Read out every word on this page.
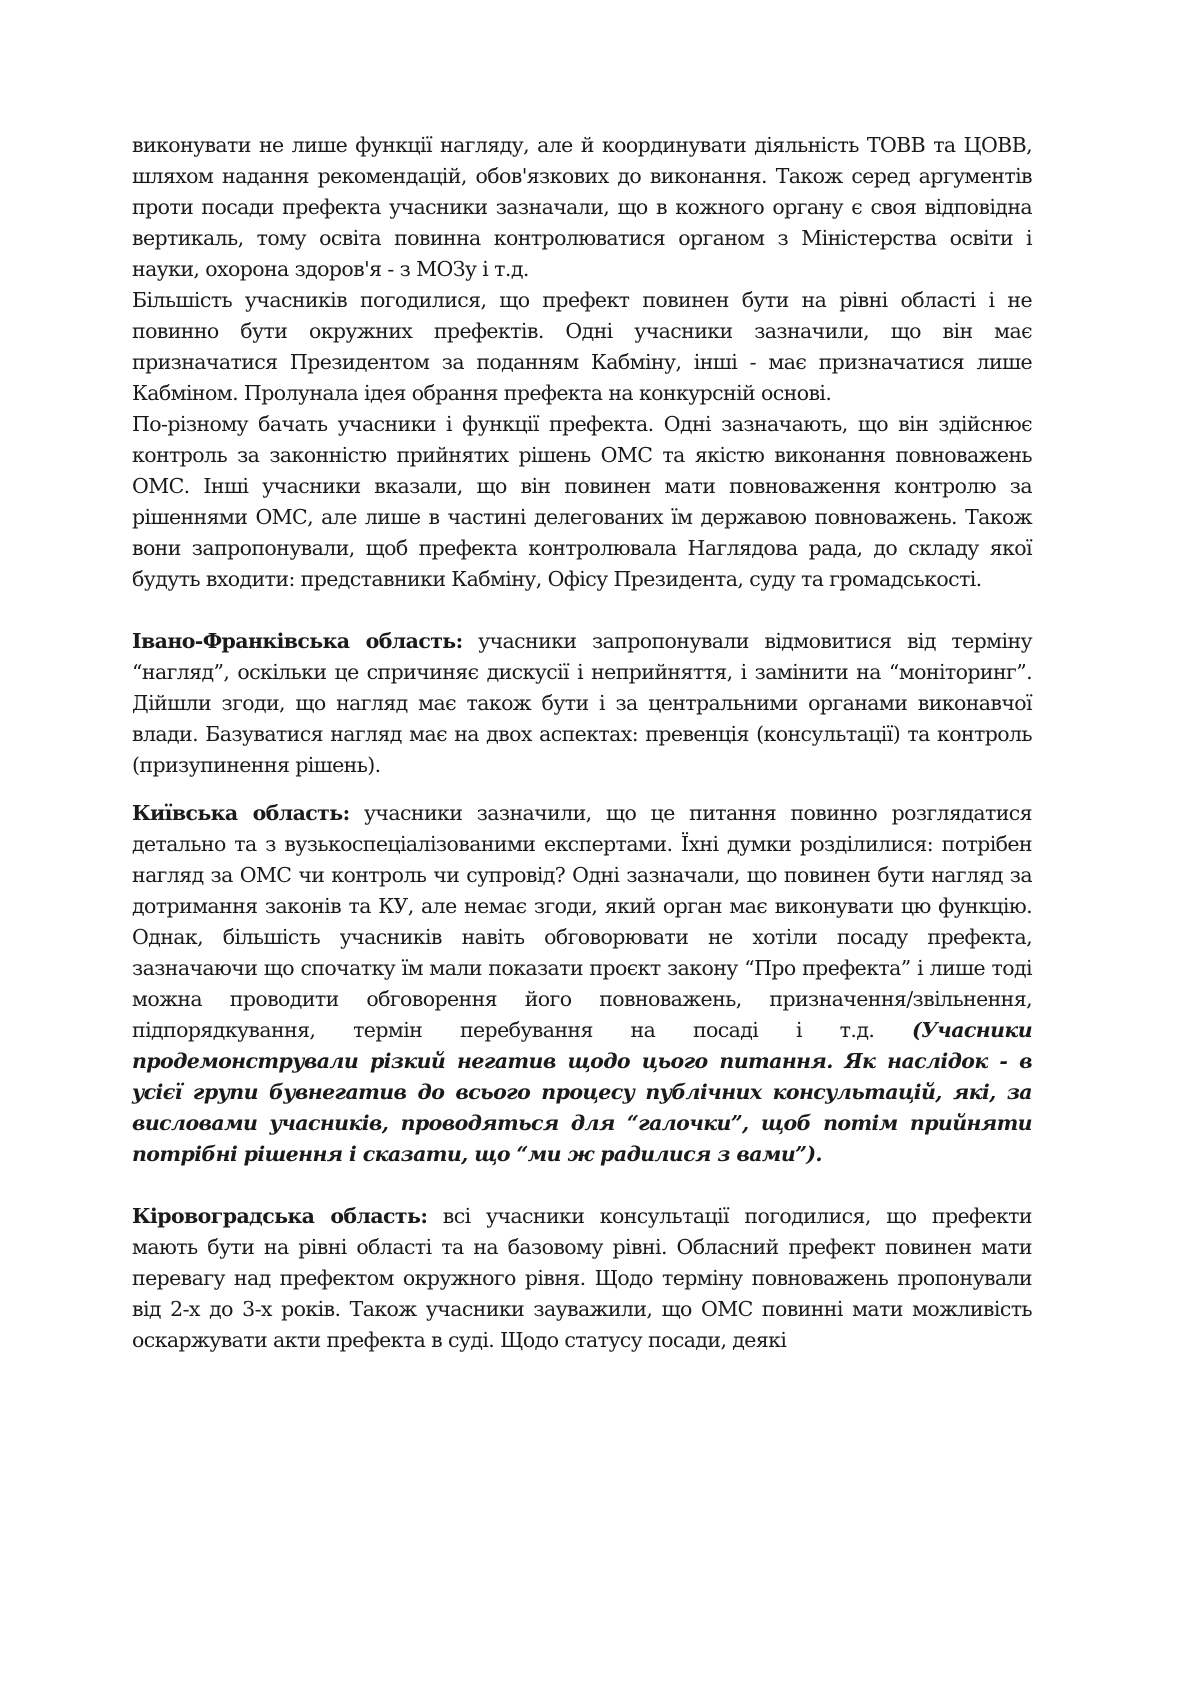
виконувати не лише функції нагляду, але й координувати діяльність ТОВВ та ЦОВВ, шляхом надання рекомендацій, обов'язкових до виконання. Також серед аргументів проти посади префекта учасники зазначали, що в кожного органу є своя відповідна вертикаль, тому освіта повинна контролюватися органом з Міністерства освіти і науки, охорона здоров'я - з МОЗу і т.д.

Більшість учасників погодилися, що префект повинен бути на рівні області і не повинно бути окружних префектів. Одні учасники зазначили, що він має призначатися Президентом за поданням Кабміну, інші - має призначатися лише Кабміном. Пролунала ідея обрання префекта на конкурсній основі.

По-різному бачать учасники і функції префекта. Одні зазначають, що він здійснює контроль за законністю прийнятих рішень ОМС та якістю виконання повноважень ОМС. Інші учасники вказали, що він повинен мати повноваження контролю за рішеннями ОМС, але лише в частині делегованих їм державою повноважень. Також вони запропонували, щоб префекта контролювала Наглядова рада, до складу якої будуть входити: представники Кабміну, Офісу Президента, суду та громадськості.

Івано-Франківська область: учасники запропонували відмовитися від терміну “нагляд”, оскільки це спричиняє дискусії і неприйняття, і замінити на “моніторинг”. Дійшли згоди, що нагляд має також бути і за центральними органами виконавчої влади. Базуватися нагляд має на двох аспектах: превенція (консультації) та контроль (призупинення рішень).

Київська область: учасники зазначили, що це питання повинно розглядатися детально та з вузькоспеціалізованими експертами. Їхні думки розділилися: потрібен нагляд за ОМС чи контроль чи супровід? Одні зазначали, що повинен бути нагляд за дотримання законів та КУ, але немає згоди, який орган має виконувати цю функцію. Однак, більшість учасників навіть обговорювати не хотіли посаду префекта, зазначаючи що спочатку їм мали показати проєкт закону “Про префекта” і лише тоді можна проводити обговорення його повноважень, призначення/звільнення, підпорядкування, термін перебування на посаді і т.д. (Учасники продемонстрували різкий негатив щодо цього питання. Як наслідок - в усієї групи бувнегатив до всього процесу публічних консультацій, які, за висловами учасників, проводяться для “галочки”, щоб потім прийняти потрібні рішення і сказати, що “ми ж радилися з вами”).

Кіровоградська область: всі учасники консультації погодилися, що префекти мають бути на рівні області та на базовому рівні. Обласний префект повинен мати перевагу над префектом окружного рівня. Щодо терміну повноважень пропонували від 2-х до 3-х років. Також учасники зауважили, що ОМС повинні мати можливість оскаржувати акти префекта в суді. Щодо статусу посади, деякі
